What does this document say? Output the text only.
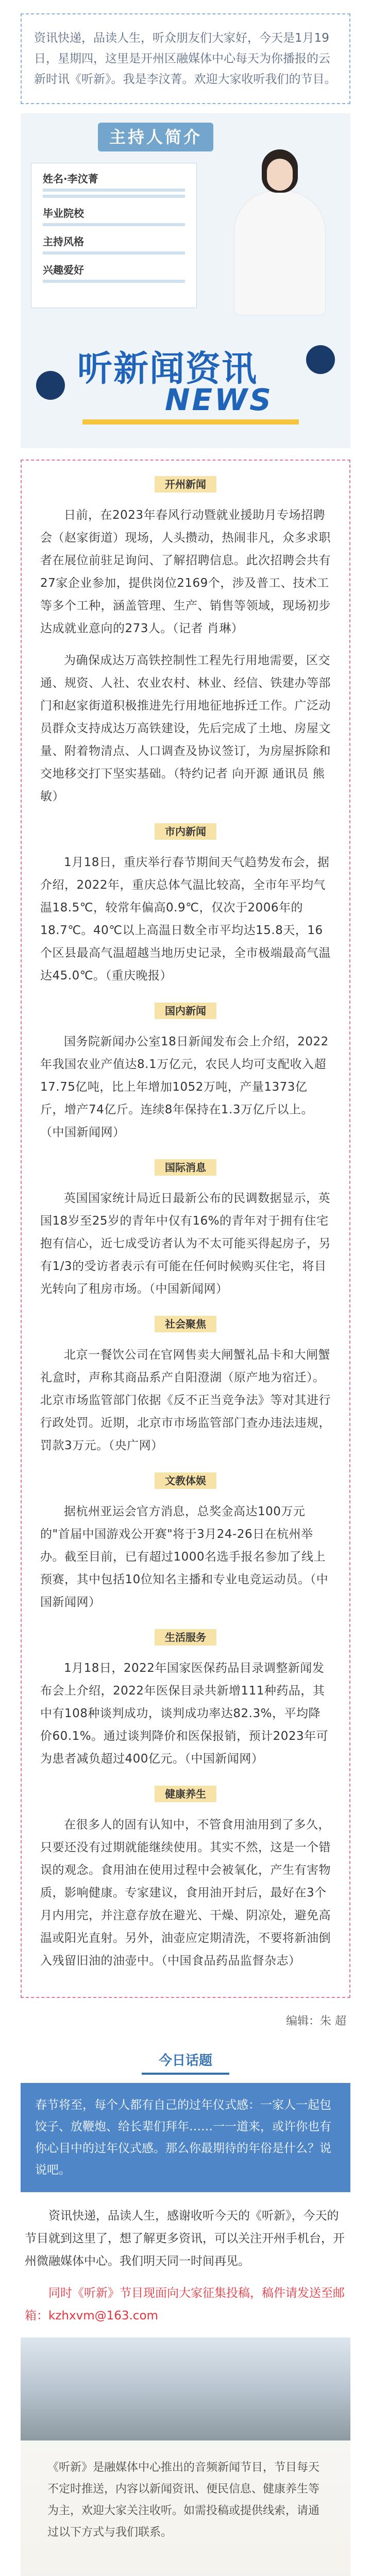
资讯快递，品读人生，听众朋友们大家好，今天是1月19日，星期四，这里是开州区融媒体中心每天为你播报的云新时讯《听新》。我是李汶菁。欢迎大家收听我们的节目。
主持人简介
姓名·李汶菁
毕业院校
主持风格
兴趣爱好
听新闻资讯
NEWS
开州新闻

日前，在2023年春风行动暨就业援助月专场招聘会（赵家街道）现场，人头攒动，热闹非凡，众多求职者在展位前驻足询问、了解招聘信息。此次招聘会共有27家企业参加，提供岗位2169个，涉及普工、技术工等多个工种，涵盖管理、生产、销售等领域，现场初步达成就业意向的273人。（记者 肖琳）

为确保成达万高铁控制性工程先行用地需要，区交通、规资、人社、农业农村、林业、经信、铁建办等部门和赵家街道积极推进先行用地征地拆迁工作。广泛动员群众支持成达万高铁建设，先后完成了土地、房屋文量、附着物清点、人口调查及协议签订，为房屋拆除和交地移交打下坚实基础。（特约记者 向开源 通讯员 熊敏）

市内新闻

1月18日，重庆举行春节期间天气趋势发布会，据介绍，2022年，重庆总体气温比较高，全市年平均气温18.5℃，较常年偏高0.9℃，仅次于2006年的18.7℃。40℃以上高温日数全市平均达15.8天，16个区县最高气温超越当地历史记录，全市极端最高气温达45.0℃。（重庆晚报）

国内新闻

国务院新闻办公室18日新闻发布会上介绍，2022年我国农业产值达8.1万亿元，农民人均可支配收入超17.75亿吨，比上年增加1052万吨，产量1373亿斤，增产74亿斤。连续8年保持在1.3万亿斤以上。（中国新闻网）

国际消息

英国国家统计局近日最新公布的民调数据显示，英国18岁至25岁的青年中仅有16%的青年对于拥有住宅抱有信心，近七成受访者认为不太可能买得起房子，另有1/3的受访者表示有可能在任何时候购买住宅，将目光转向了租房市场。（中国新闻网）

社会聚焦

北京一餐饮公司在官网售卖大闸蟹礼品卡和大闸蟹礼盒时，声称其商品系产自阳澄湖（原产地为宿迁）。北京市场监管部门依据《反不正当竞争法》等对其进行行政处罚。近期，北京市市场监管部门查办违法违规，罚款3万元。（央广网）

文教体娱

据杭州亚运会官方消息，总奖金高达100万元的"首届中国游戏公开赛"将于3月24-26日在杭州举办。截至目前，已有超过1000名选手报名参加了线上预赛，其中包括10位知名主播和专业电竞运动员。（中国新闻网）

生活服务

1月18日，2022年国家医保药品目录调整新闻发布会上介绍，2022年医保目录共新增111种药品，其中有108种谈判成功，谈判成功率达82.3%，平均降价60.1%。通过谈判降价和医保报销，预计2023年可为患者减负超过400亿元。（中国新闻网）

健康养生

在很多人的固有认知中，不管食用油用到了多久，只要还没有过期就能继续使用。其实不然，这是一个错误的观念。食用油在使用过程中会被氧化，产生有害物质，影响健康。专家建议，食用油开封后，最好在3个月内用完，并注意存放在避光、干燥、阴凉处，避免高温或阳光直射。另外，油壶应定期清洗，不要将新油倒入残留旧油的油壶中。（中国食品药品监督杂志）

编辑：朱 超
今日话题
春节将至，每个人都有自己的过年仪式感：一家人一起包饺子、放鞭炮、给长辈们拜年……一一道来，或许你也有你心目中的过年仪式感。那么你最期待的年俗是什么？说说吧。

资讯快递，品读人生，感谢收听今天的《听新》，今天的节目就到这里了，想了解更多资讯，可以关注开州手机台，开州微融媒体中心。我们明天同一时间再见。

同时《听新》节目现面向大家征集投稿，稿件请发送至邮箱：kzhxvm@163.com

《听新》是融媒体中心推出的音频新闻节目，节目每天不定时推送，内容以新闻资讯、便民信息、健康养生等为主，欢迎大家关注收听。如需投稿或提供线索，请通过以下方式与我们联系。
